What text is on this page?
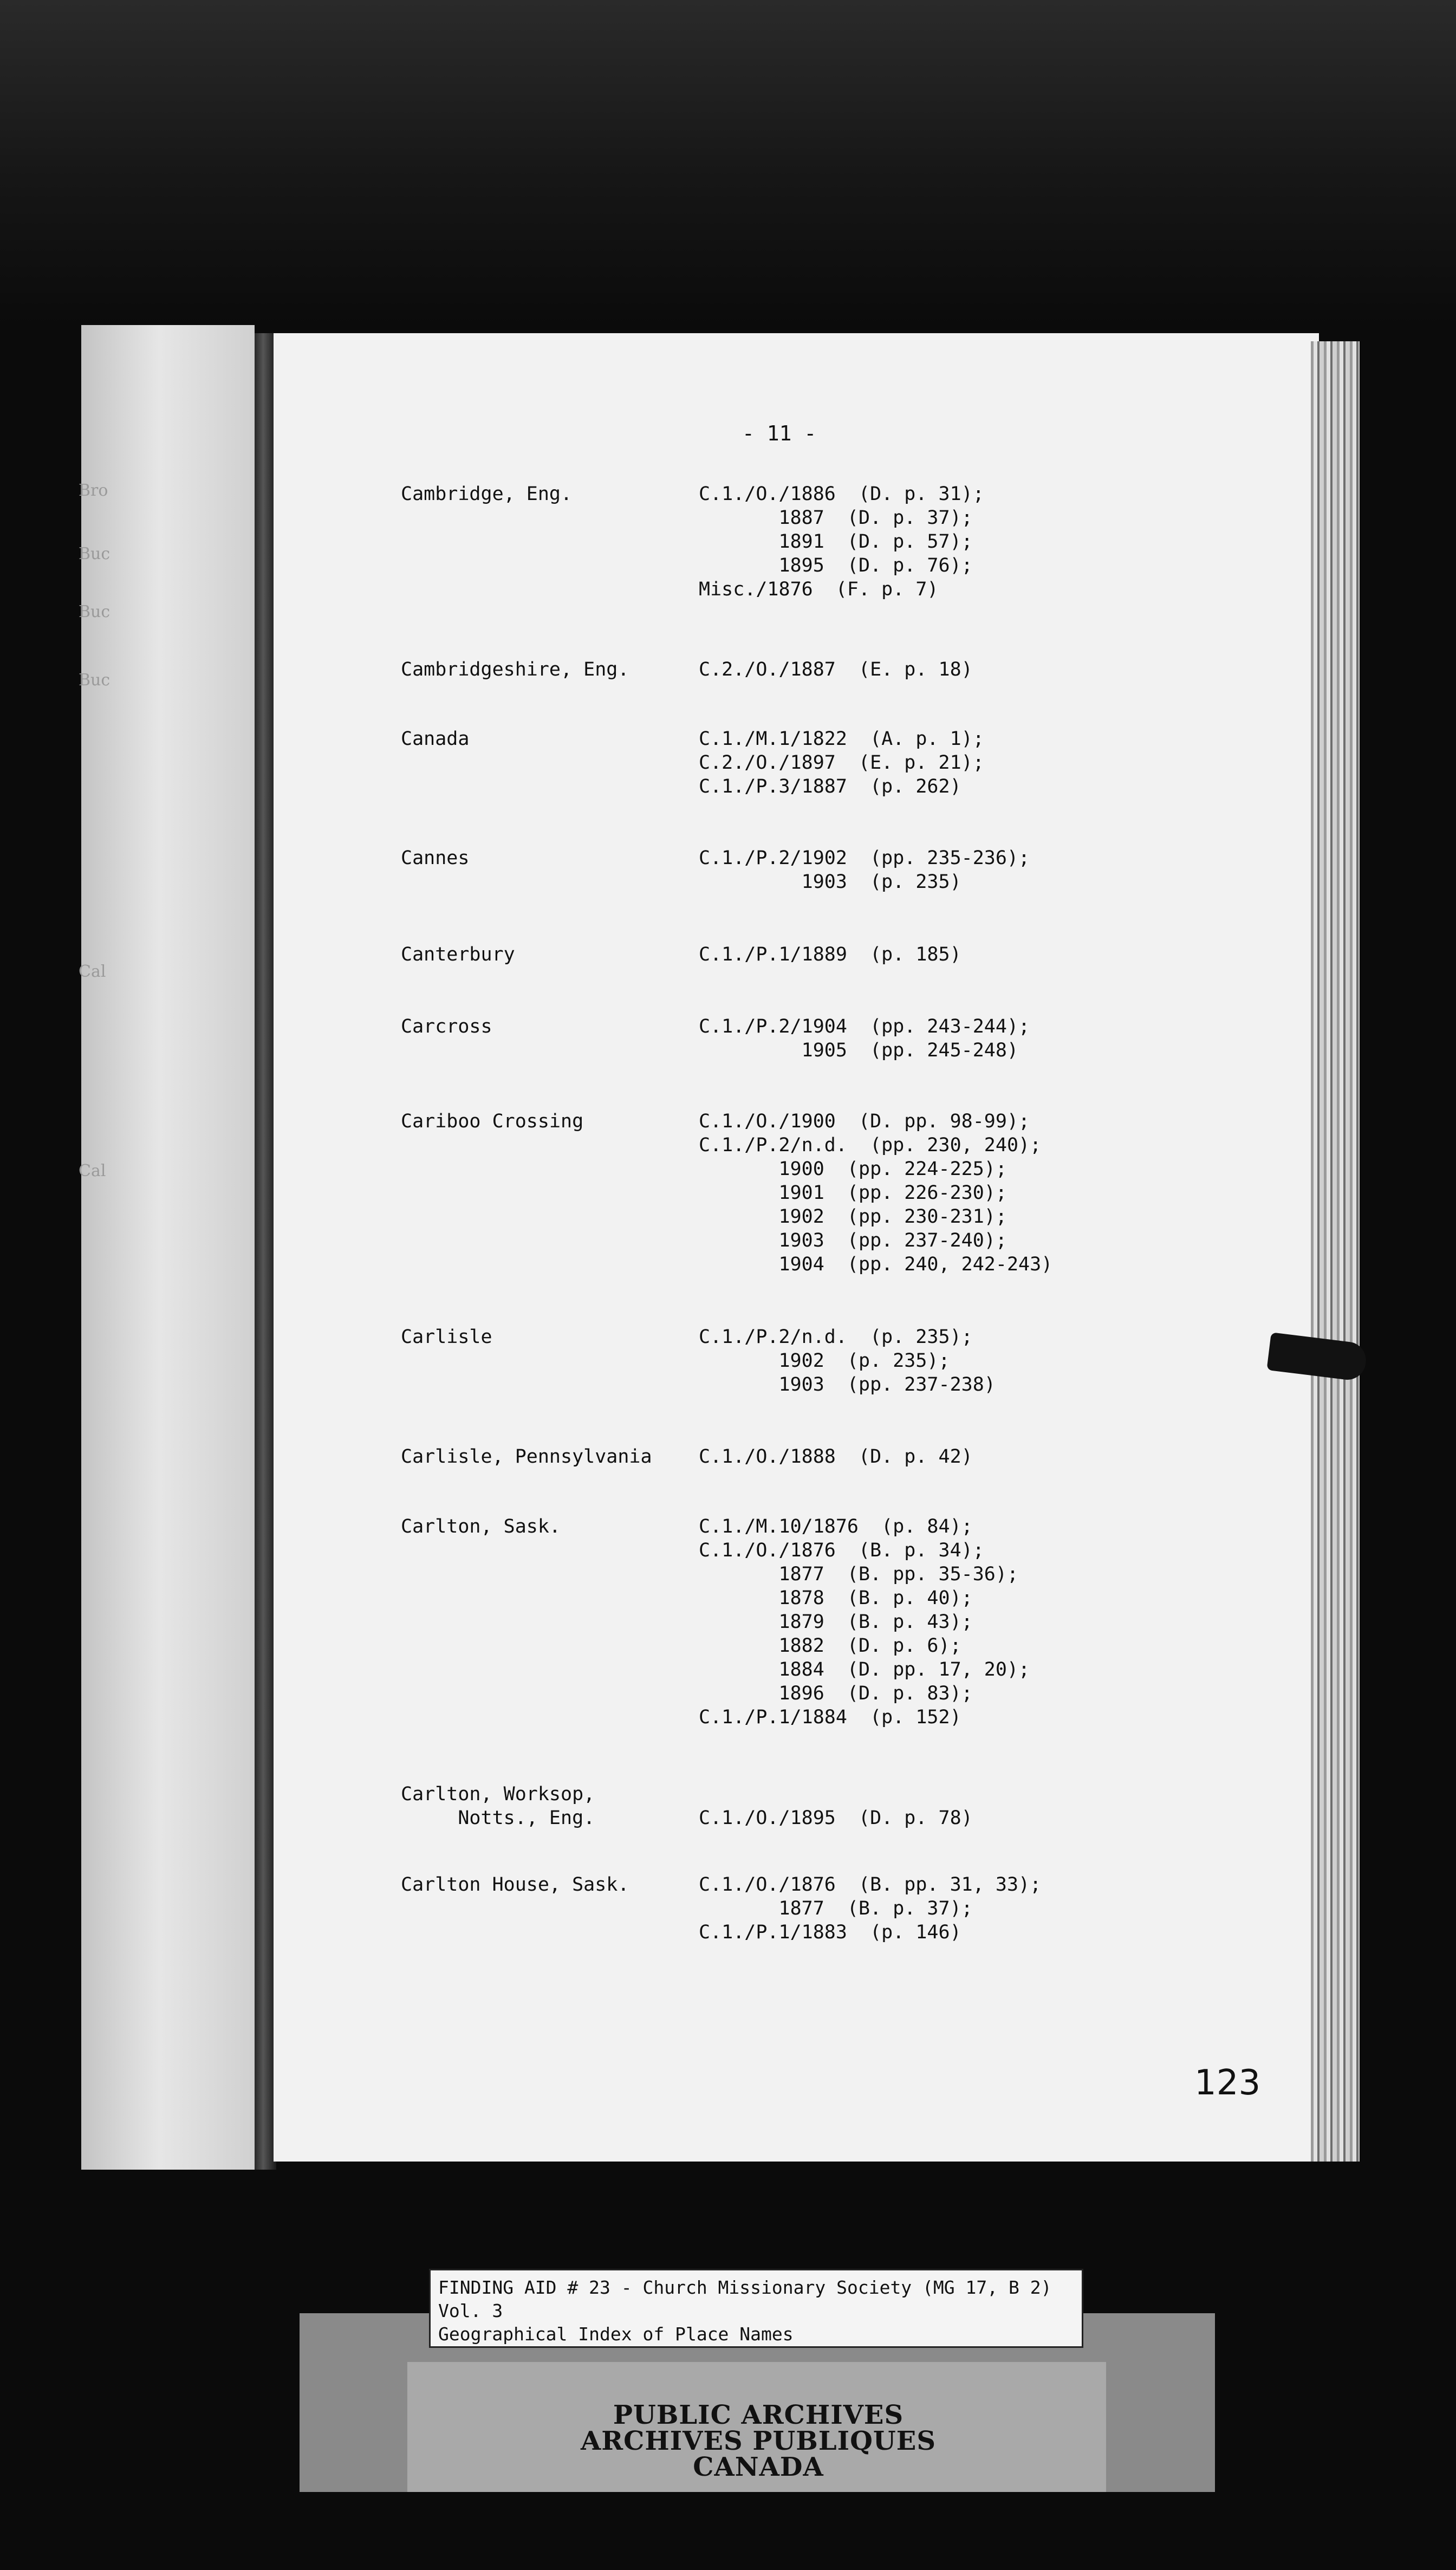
Bro
Buc
Buc
Buc
Cal
Cal
- 11 -
Cambridge, Eng.	C.1./O./1886  (D. p. 31);
1887  (D. p. 37);
1891  (D. p. 57);
1895  (D. p. 76);
Misc./1876  (F. p. 7)
Cambridgeshire, Eng.	C.2./O./1887  (E. p. 18)
Canada	C.1./M.1/1822  (A. p. 1);
C.2./O./1897  (E. p. 21);
C.1./P.3/1887  (p. 262)
Cannes	C.1./P.2/1902  (pp. 235-236);
1903  (p. 235)
Canterbury	C.1./P.1/1889  (p. 185)
Carcross	C.1./P.2/1904  (pp. 243-244);
1905  (pp. 245-248)
Cariboo Crossing	C.1./O./1900  (D. pp. 98-99);
C.1./P.2/n.d.  (pp. 230, 240);
1900  (pp. 224-225);
1901  (pp. 226-230);
1902  (pp. 230-231);
1903  (pp. 237-240);
1904  (pp. 240, 242-243)
Carlisle	C.1./P.2/n.d.  (p. 235);
1902  (p. 235);
1903  (pp. 237-238)
Carlisle, Pennsylvania C.1./O./1888  (D. p. 42)
Carlton, Sask.	C.1./M.10/1876  (p. 84);
C.1./O./1876  (B. p. 34);
1877  (B. pp. 35-36);
1878  (B. p. 40);
1879  (B. p. 43);
1882  (D. p. 6);
1884  (D. pp. 17, 20);
1896  (D. p. 83);
C.1./P.1/1884  (p. 152)
Carlton, Worksop,
Notts., Eng.	C.1./O./1895  (D. p. 78)
Carlton House, Sask.	C.1./O./1876  (B. pp. 31, 33);
1877  (B. p. 37);
C.1./P.1/1883  (p. 146)
123
PUBLIC ARCHIVES
ARCHIVES PUBLIQUES
CANADA
FINDING AID # 23 - Church Missionary Society (MG 17, B 2)
Vol. 3
Geographical Index of Place Names
